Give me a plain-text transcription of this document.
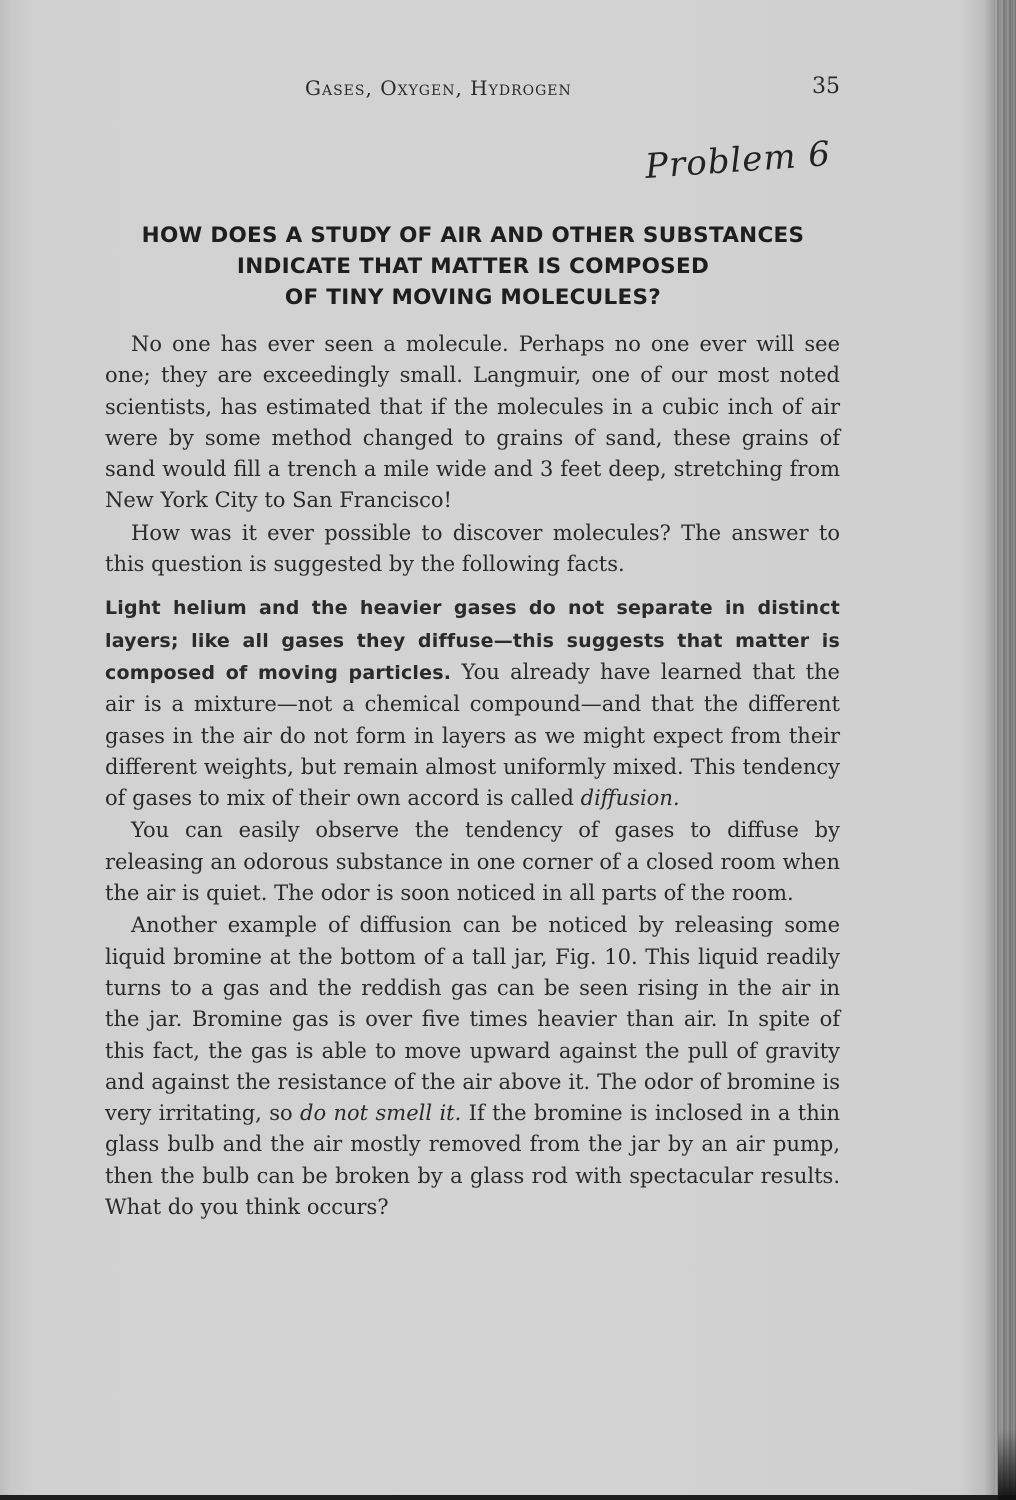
Gases, Oxygen, Hydrogen	35
Problem 6
HOW DOES A STUDY OF AIR AND OTHER SUBSTANCES
INDICATE THAT MATTER IS COMPOSED
OF TINY MOVING MOLECULES?

No one has ever seen a molecule. Perhaps no one ever will see one; they are exceedingly small. Langmuir, one of our most noted scientists, has estimated that if the molecules in a cubic inch of air were by some method changed to grains of sand, these grains of sand would fill a trench a mile wide and 3 feet deep, stretching from New York City to San Francisco!

How was it ever possible to discover molecules? The answer to this question is suggested by the following facts.

Light helium and the heavier gases do not separate in distinct layers; like all gases they diffuse—this suggests that matter is composed of moving particles. You already have learned that the air is a mixture—not a chemical compound—and that the different gases in the air do not form in layers as we might expect from their different weights, but remain almost uniformly mixed. This tendency of gases to mix of their own accord is called diffusion.

You can easily observe the tendency of gases to diffuse by releasing an odorous substance in one corner of a closed room when the air is quiet. The odor is soon noticed in all parts of the room.

Another example of diffusion can be noticed by releasing some liquid bromine at the bottom of a tall jar, Fig. 10. This liquid readily turns to a gas and the reddish gas can be seen rising in the air in the jar. Bromine gas is over five times heavier than air. In spite of this fact, the gas is able to move upward against the pull of gravity and against the resistance of the air above it. The odor of bromine is very irritating, so do not smell it. If the bromine is inclosed in a thin glass bulb and the air mostly removed from the jar by an air pump, then the bulb can be broken by a glass rod with spectacular results. What do you think occurs?
